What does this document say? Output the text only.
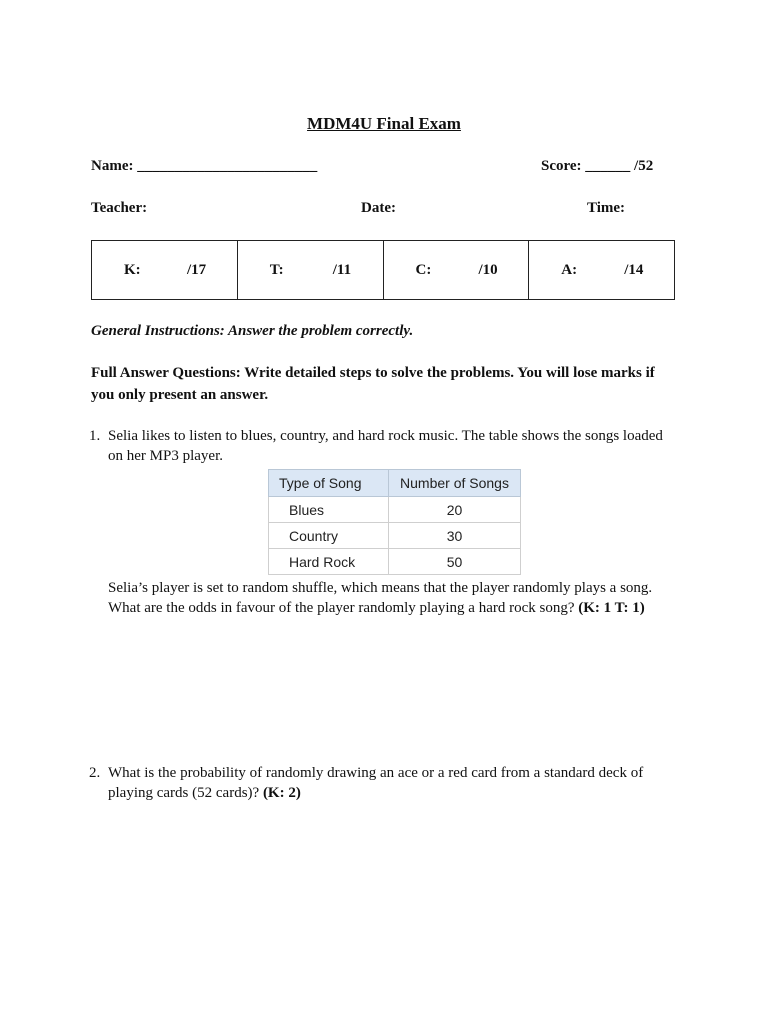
MDM4U Final Exam
Name: ________________________	Score: ______ /52
Teacher:	Date:	Time:
K:	/17	T:	/11	C:	/10	A:	/14
General Instructions: Answer the problem correctly.
Full Answer Questions: Write detailed steps to solve the problems. You will lose marks if you only present an answer.
1. Selia likes to listen to blues, country, and hard rock music. The table shows the songs loaded on her MP3 player.
Type of Song	Number of Songs
Blues	20
Country	30
Hard Rock	50
Selia’s player is set to random shuffle, which means that the player randomly plays a song. What are the odds in favour of the player randomly playing a hard rock song? (K: 1 T: 1)
2. What is the probability of randomly drawing an ace or a red card from a standard deck of playing cards (52 cards)? (K: 2)
